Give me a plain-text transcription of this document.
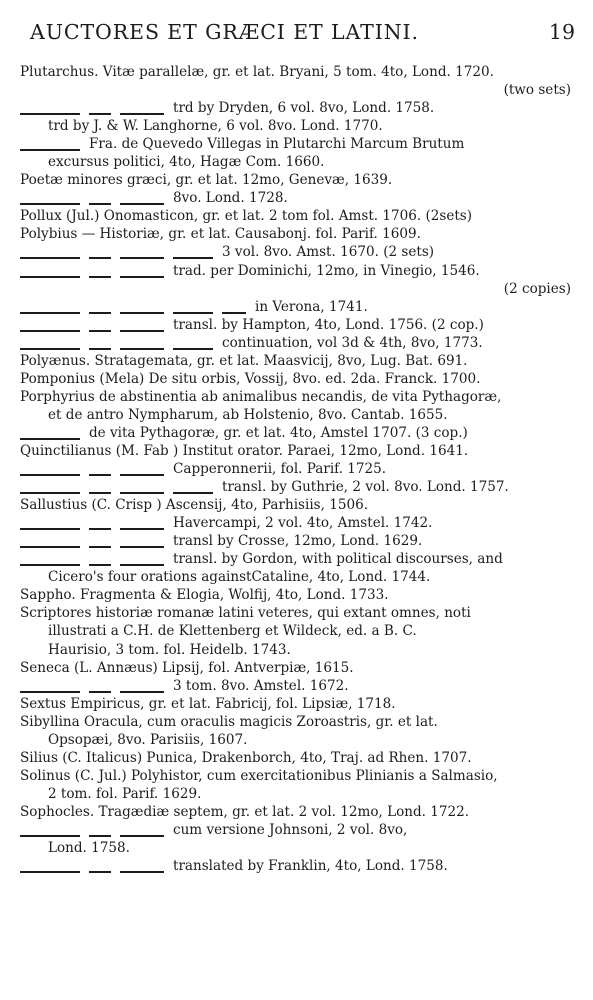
AUCTORES ET GRÆCI ET LATINI.	19
Plutarchus. Vitæ parallelæ, gr. et lat. Bryani, 5 tom. 4to, Lond. 1720.
(two sets)
trd by Dryden, 6 vol. 8vo, Lond. 1758.
trd by J. & W. Langhorne, 6 vol. 8vo. Lond. 1770.
Fra. de Quevedo Villegas in Plutarchi Marcum Brutum
excursus politici, 4to, Hagæ Com. 1660.
Poetæ minores græci, gr. et lat. 12mo, Genevæ, 1639.
8vo. Lond. 1728.
Pollux (Jul.) Onomasticon, gr. et lat. 2 tom fol. Amst. 1706. (2sets)
Polybius — Historiæ, gr. et lat. Causabonj. fol. Parif. 1609.
3 vol. 8vo. Amst. 1670. (2 sets)
trad. per Dominichi, 12mo, in Vinegio, 1546.
(2 copies)
in Verona, 1741.
transl. by Hampton, 4to, Lond. 1756. (2 cop.)
continuation, vol 3d & 4th, 8vo, 1773.
Polyænus. Stratagemata, gr. et lat. Maasvicij, 8vo, Lug. Bat. 691.
Pomponius (Mela) De situ orbis, Vossij, 8vo. ed. 2da. Franck. 1700.
Porphyrius de abstinentia ab animalibus necandis, de vita Pythagoræ,
et de antro Nympharum, ab Holstenio, 8vo. Cantab. 1655.
de vita Pythagoræ, gr. et lat. 4to, Amstel 1707. (3 cop.)
Quinctilianus (M. Fab ) Institut orator. Paraei, 12mo, Lond. 1641.
Capperonnerii, fol. Parif. 1725.
transl. by Guthrie, 2 vol. 8vo. Lond. 1757.
Sallustius (C. Crisp ) Ascensij, 4to, Parhisiis, 1506.
Havercampi, 2 vol. 4to, Amstel. 1742.
transl by Crosse, 12mo, Lond. 1629.
transl. by Gordon, with political discourses, and
Cicero's four orations againstCataline, 4to, Lond. 1744.
Sappho. Fragmenta & Elogia, Wolfij, 4to, Lond. 1733.
Scriptores historiæ romanæ latini veteres, qui extant omnes, noti
illustrati a C.H. de Klettenberg et Wildeck, ed. a B. C.
Haurisio, 3 tom. fol. Heidelb. 1743.
Seneca (L. Annæus) Lipsij, fol. Antverpiæ, 1615.
3 tom. 8vo. Amstel. 1672.
Sextus Empiricus, gr. et lat. Fabricij, fol. Lipsiæ, 1718.
Sibyllina Oracula, cum oraculis magicis Zoroastris, gr. et lat.
Opsopæi, 8vo. Parisiis, 1607.
Silius (C. Italicus) Punica, Drakenborch, 4to, Traj. ad Rhen. 1707.
Solinus (C. Jul.) Polyhistor, cum exercitationibus Plinianis a Salmasio,
2 tom. fol. Parif. 1629.
Sophocles. Tragædiæ septem, gr. et lat. 2 vol. 12mo, Lond. 1722.
cum versione Johnsoni, 2 vol. 8vo,
Lond. 1758.
translated by Franklin, 4to, Lond. 1758.
